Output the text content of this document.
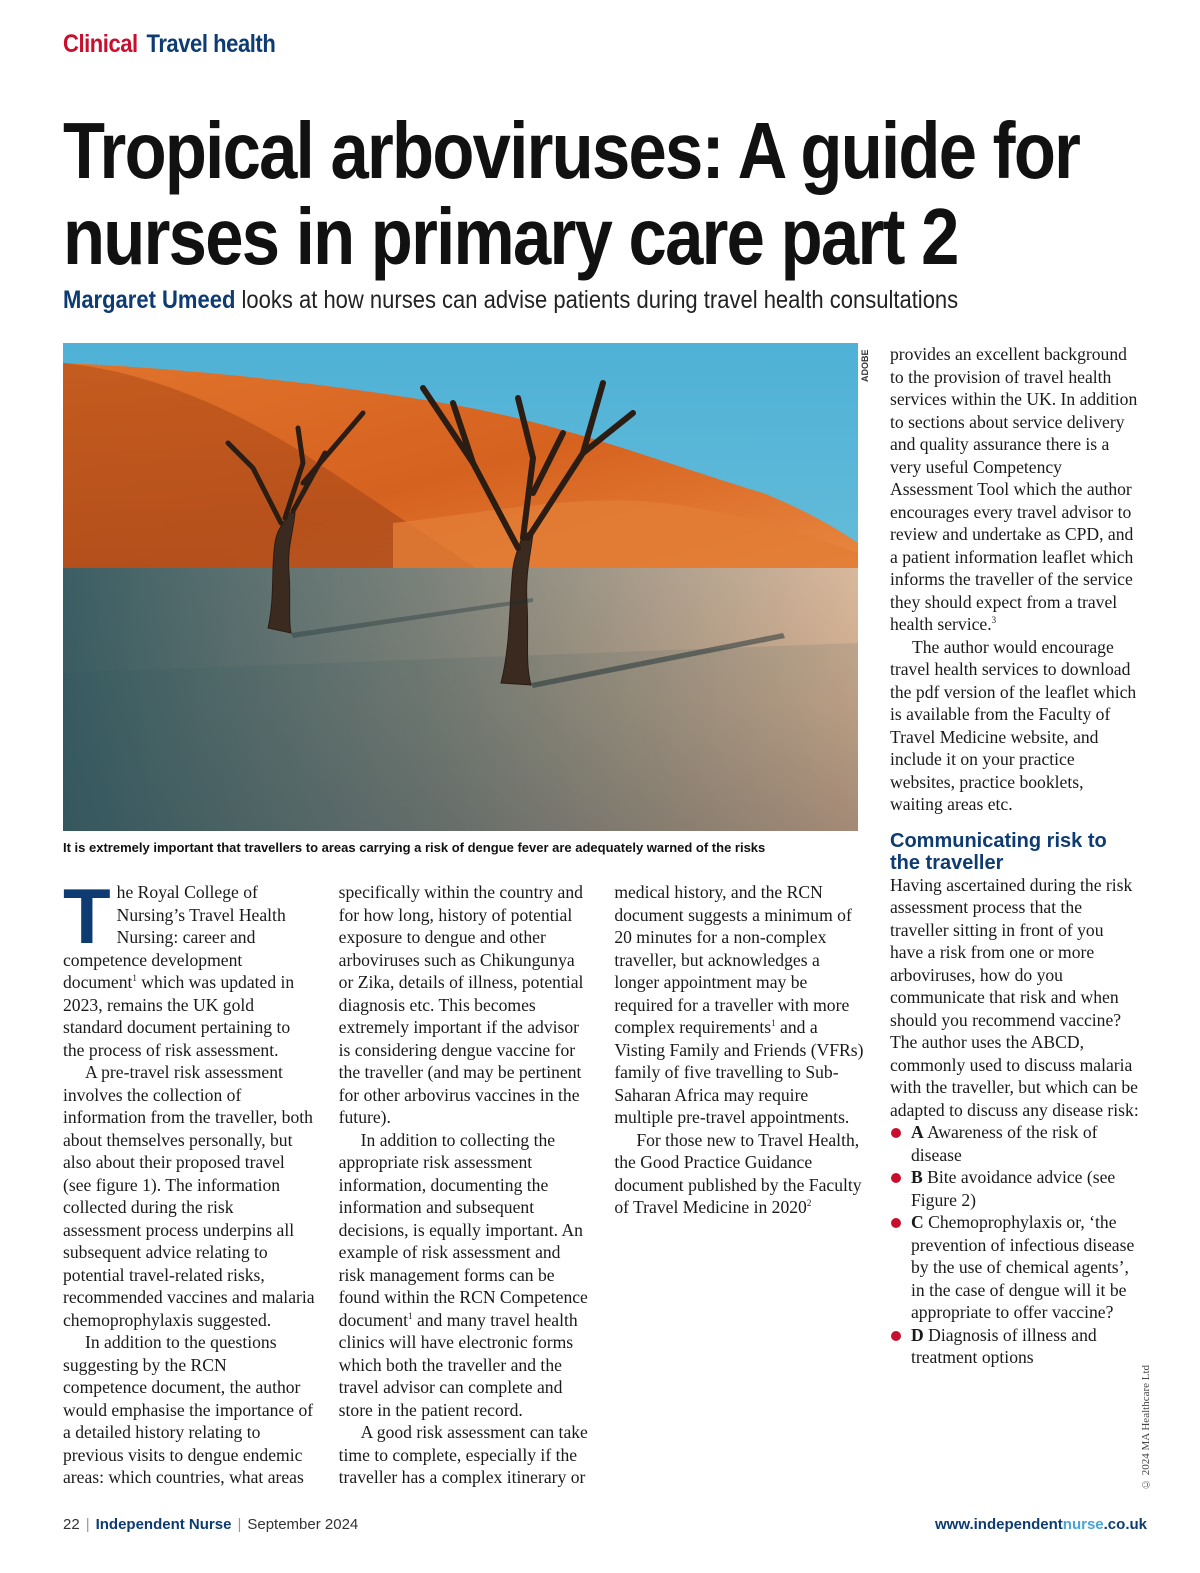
Clinical Travel health
Tropical arboviruses: A guide for
nurses in primary care part 2
Margaret Umeed looks at how nurses can advise patients during travel health consultations
ADOBE
It is extremely important that travellers to areas carrying a risk of dengue fever are adequately warned of the risks

The Royal College of Nursing’s Travel Health Nursing: career and competence development document$^1$ which was updated in 2023, remains the UK gold standard document pertaining to the process of risk assessment.

A pre-travel risk assessment involves the collection of information from the traveller, both about themselves personally, but also about their proposed travel (see figure 1). The information collected during the risk assessment process underpins all subsequent advice relating to potential travel-related risks, recommended vaccines and malaria chemoprophylaxis suggested.

In addition to the questions suggesting by the RCN competence document, the author would emphasise the importance of a detailed history relating to previous visits to dengue endemic areas: which countries, what areas specifically within the country and for how long, history of potential exposure to dengue and other arboviruses such as Chikungunya or Zika, details of illness, potential diagnosis etc. This becomes extremely important if the advisor is considering dengue vaccine for the traveller (and may be pertinent for other arbovirus vaccines in the future).

In addition to collecting the appropriate risk assessment information, documenting the information and subsequent decisions, is equally important. An example of risk assessment and risk management forms can be found within the RCN Competence document$^1$ and many travel health clinics will have electronic forms which both the traveller and the travel advisor can complete and store in the patient record.

A good risk assessment can take time to complete, especially if the traveller has a complex itinerary or medical history, and the RCN document suggests a minimum of 20 minutes for a non-complex traveller, but acknowledges a longer appointment may be required for a traveller with more complex requirements$^1$ and a Visting Family and Friends (VFRs) family of five travelling to Sub-Saharan Africa may require multiple pre-travel appointments.

For those new to Travel Health, the Good Practice Guidance document published by the Faculty of Travel Medicine in 2020$^2$

provides an excellent background to the provision of travel health services within the UK. In addition to sections about service delivery and quality assurance there is a very useful Competency Assessment Tool which the author encourages every travel advisor to review and undertake as CPD, and a patient information leaflet which informs the traveller of the service they should expect from a travel health service.$^3$

The author would encourage travel health services to download the pdf version of the leaflet which is available from the Faculty of Travel Medicine website, and include it on your practice websites, practice booklets, waiting areas etc.

Communicating risk to the traveller

Having ascertained during the risk assessment process that the traveller sitting in front of you have a risk from one or more arboviruses, how do you communicate that risk and when should you recommend vaccine? The author uses the ABCD, commonly used to discuss malaria with the traveller, but which can be adapted to discuss any disease risk:

A Awareness of the risk of disease
B Bite avoidance advice (see Figure 2)
C Chemoprophylaxis or, ‘the prevention of infectious disease by the use of chemical agents’, in the case of dengue will it be appropriate to offer vaccine?
D Diagnosis of illness and treatment options
© 2024 MA Healthcare Ltd
22 | Independent Nurse | September 2024	www.independentnurse.co.uk
